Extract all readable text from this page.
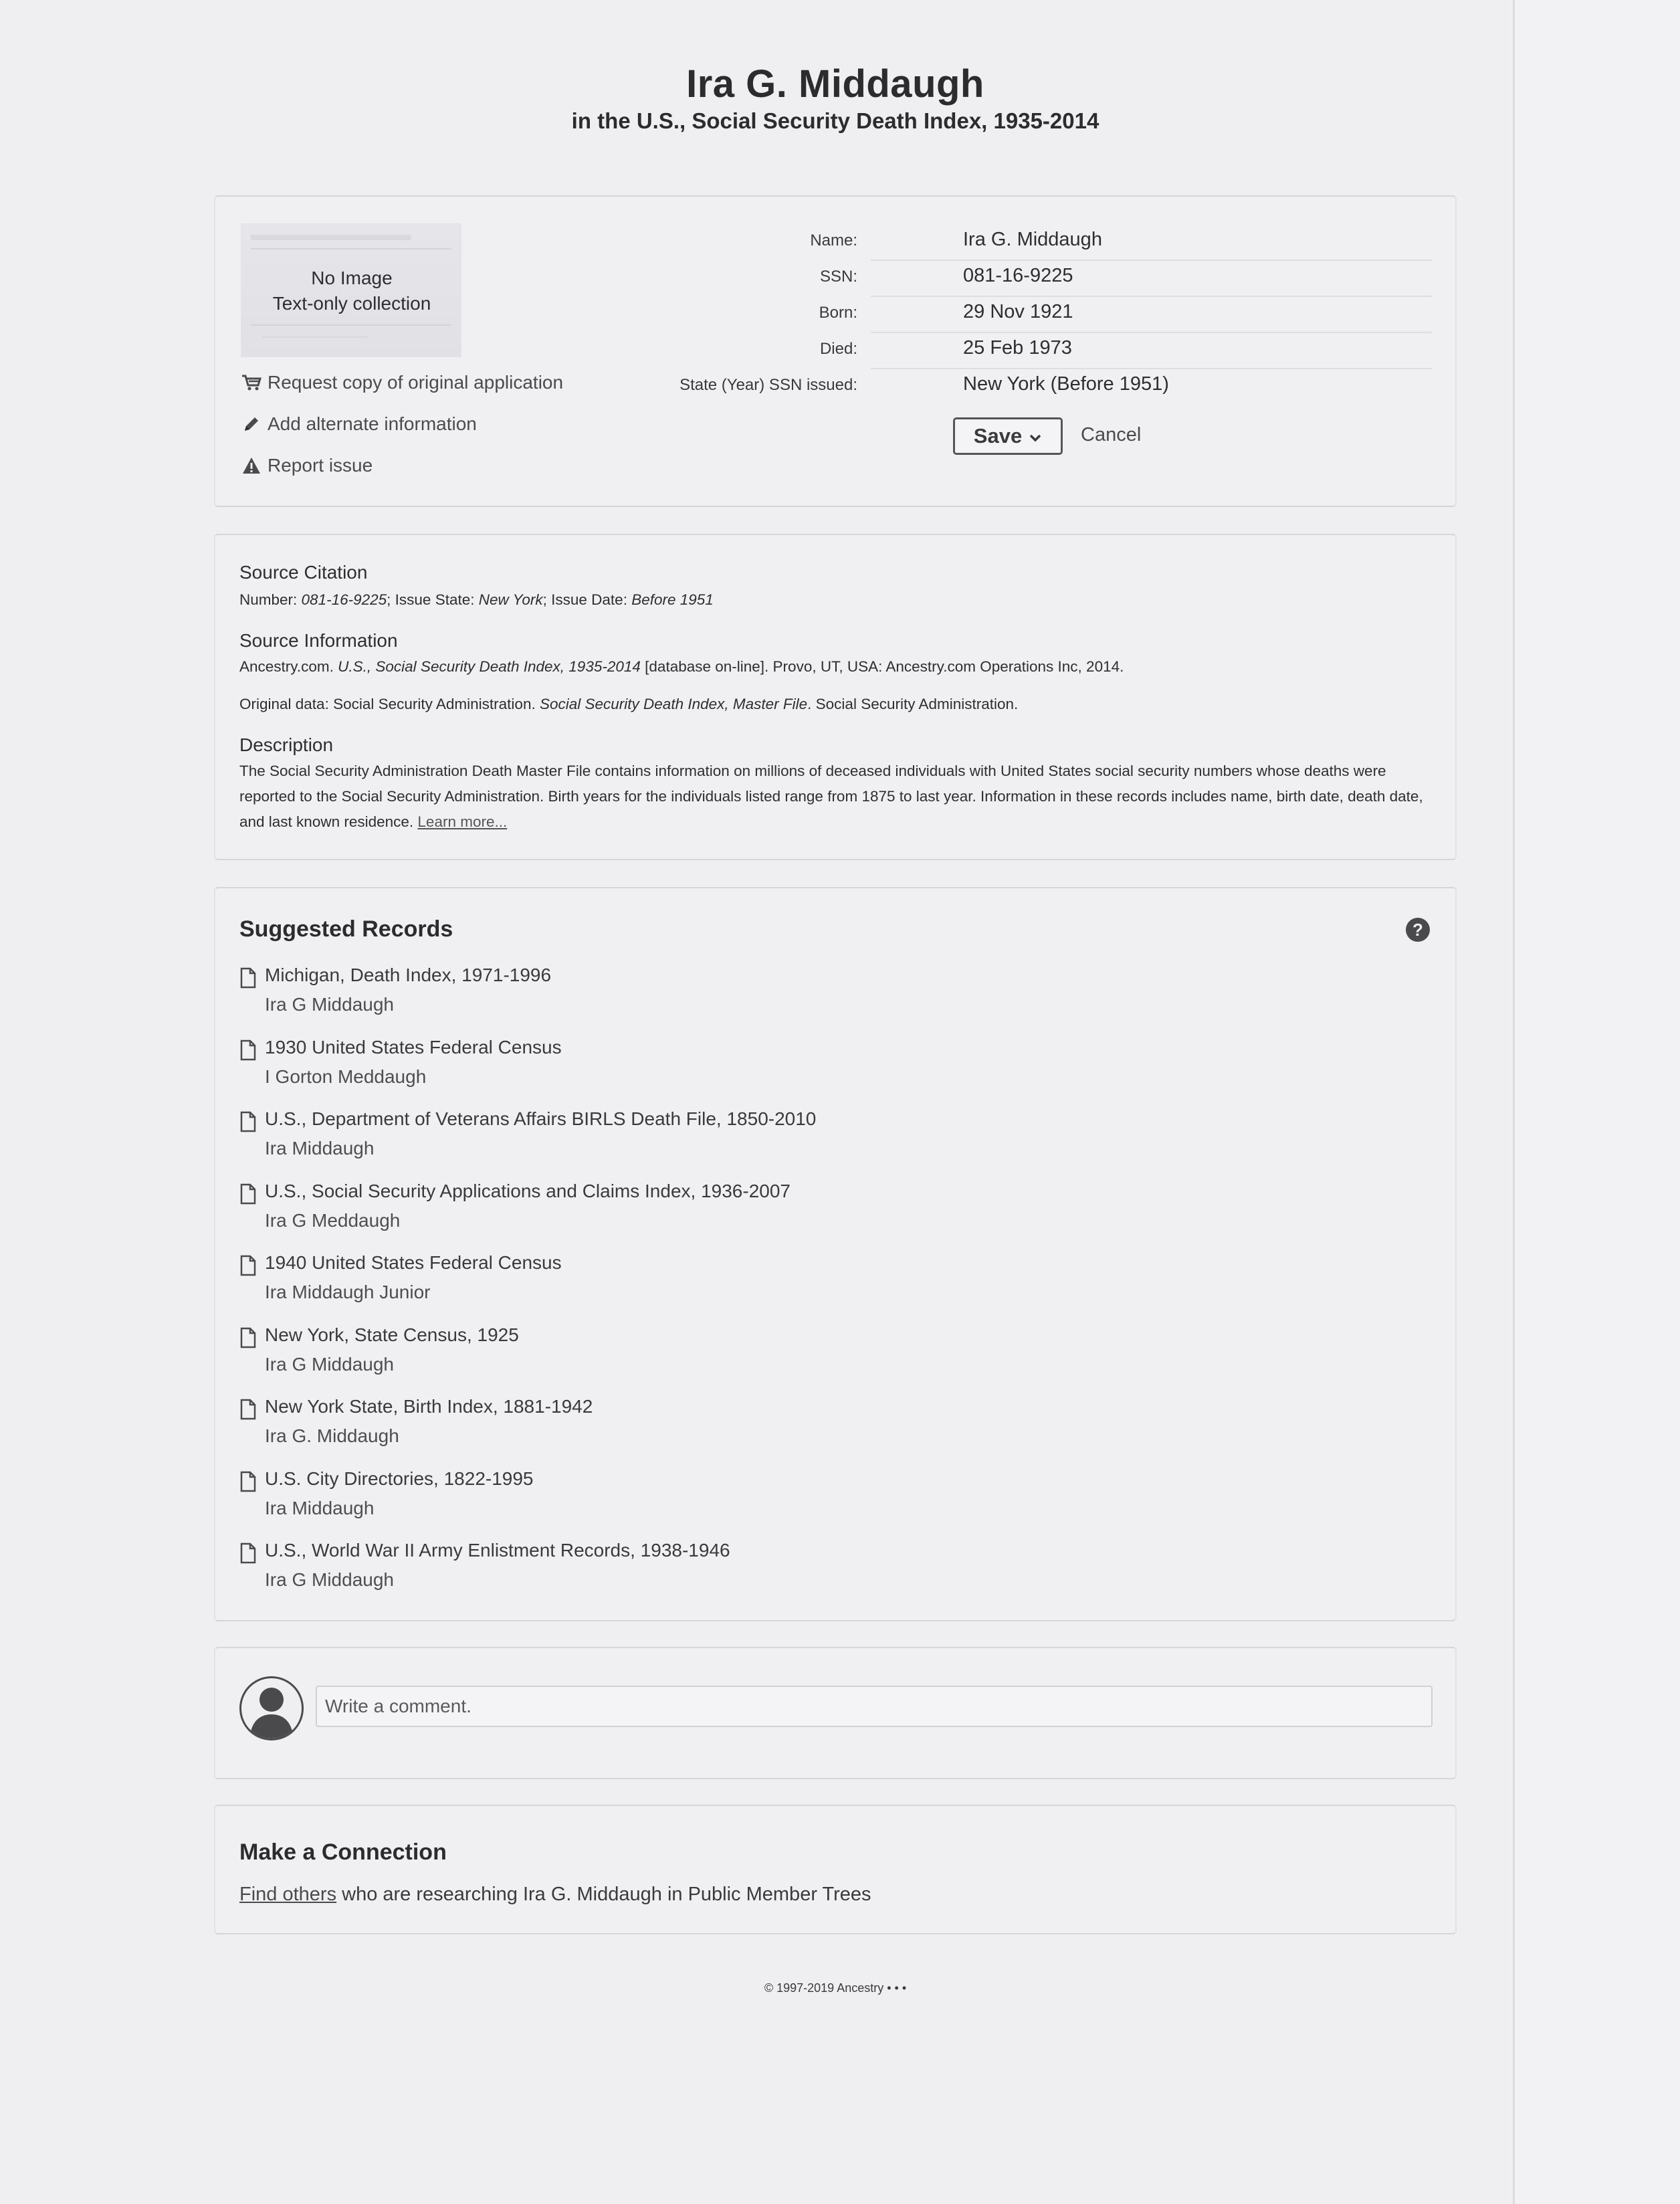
Ira G. Middaugh
in the U.S., Social Security Death Index, 1935-2014
No Image
Text-only collection
Request copy of original application
Add alternate information
Report issue
Name:	Ira G. Middaugh
SSN:	081-16-9225
Born:	29 Nov 1921
Died:	25 Feb 1973
State (Year) SSN issued:	New York (Before 1951)
Save	Cancel
Source Citation
Number: 081-16-9225; Issue State: New York; Issue Date: Before 1951
Source Information
Ancestry.com. U.S., Social Security Death Index, 1935-2014 [database on-line]. Provo, UT, USA: Ancestry.com Operations Inc, 2014.
Original data: Social Security Administration. Social Security Death Index, Master File. Social Security Administration.
Description
The Social Security Administration Death Master File contains information on millions of deceased individuals with United States social security numbers whose deaths were reported to the Social Security Administration. Birth years for the individuals listed range from 1875 to last year. Information in these records includes name, birth date, death date, and last known residence. Learn more...
Suggested Records	?
Michigan, Death Index, 1971-1996
Ira G Middaugh
1930 United States Federal Census
I Gorton Meddaugh
U.S., Department of Veterans Affairs BIRLS Death File, 1850-2010
Ira Middaugh
U.S., Social Security Applications and Claims Index, 1936-2007
Ira G Meddaugh
1940 United States Federal Census
Ira Middaugh Junior
New York, State Census, 1925
Ira G Middaugh
New York State, Birth Index, 1881-1942
Ira G. Middaugh
U.S. City Directories, 1822-1995
Ira Middaugh
U.S., World War II Army Enlistment Records, 1938-1946
Ira G Middaugh
Write a comment.
Make a Connection
Find others who are researching Ira G. Middaugh in Public Member Trees
© 1997-2019 Ancestry • • •
